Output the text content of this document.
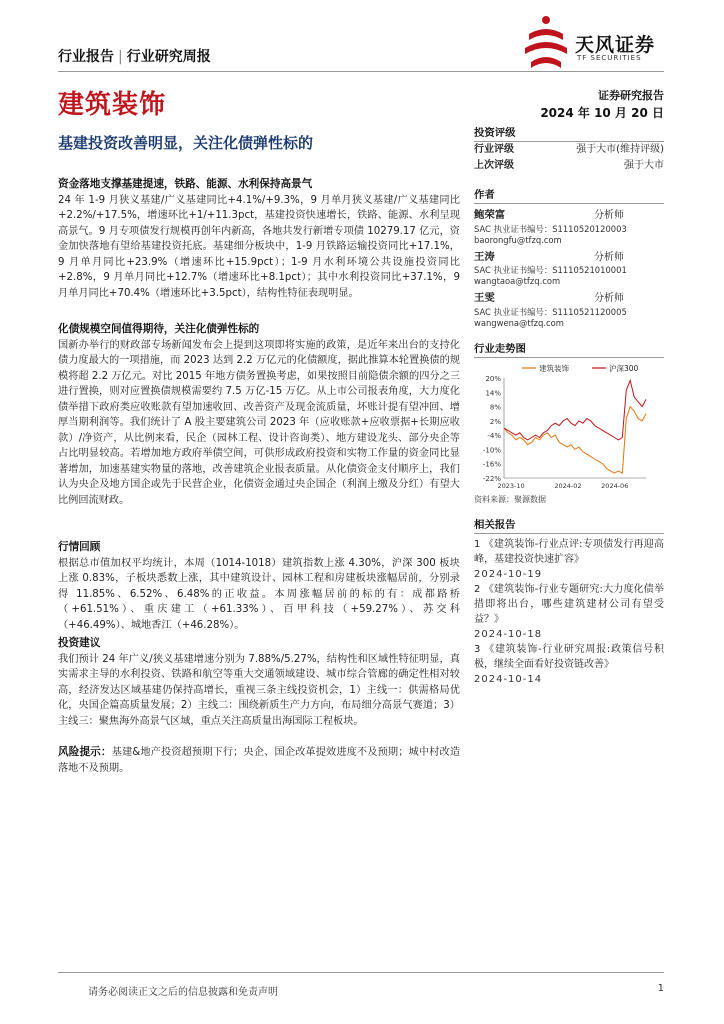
行业报告 | 行业研究周报
天风证券
TF SECURITIES
建筑装饰	证券研究报告
2024 年 10 月 20 日
基建投资改善明显，关注化债弹性标的
资金落地支撑基建提速，铁路、能源、水利保持高景气
24 年 1-9 月狭义基建/广义基建同比+4.1%/+9.3%，9 月单月狭义基建/广义基建同比+2.2%/+17.5%，增速环比+1/+11.3pct，基建投资快速增长，铁路、能源、水利呈现高景气。9 月专项债发行规模再创年内新高，各地共发行新增专项债 10279.17 亿元，资金加快落地有望给基建投资托底。基建细分板块中，1-9 月铁路运输投资同比+17.1%，9 月单月同比+23.9%（增速环比+15.9pct）；1-9 月水利环境公共设施投资同比+2.8%，9 月单月同比+12.7%（增速环比+8.1pct）；其中水利投资同比+37.1%，9 月单月同比+70.4%（增速环比+3.5pct），结构性特征表现明显。
化债规模空间值得期待，关注化债弹性标的
国新办举行的财政部专场新闻发布会上提到这项即将实施的政策，是近年来出台的支持化债力度最大的一项措施，而 2023 达到 2.2 万亿元的化债额度，据此推算本轮置换债的规模将超 2.2 万亿元。对比 2015 年地方债务置换考虑，如果按照目前隐债余额的四分之三进行置换，则对应置换债规模需要约 7.5 万亿-15 万亿。从上市公司报表角度，大力度化债举措下政府类应收账款有望加速收回、改善资产及现金流质量，坏账计提有望冲回、增厚当期利润等。我们统计了 A 股主要建筑公司 2023 年（应收账款+应收票据+长期应收款）/净资产，从比例来看，民企（园林工程、设计咨询类）、地方建设龙头、部分央企等占比明显较高。若增加地方政府举债空间，可供形成政府投资和实物工作量的资金同比显著增加，加速基建实物量的落地，改善建筑企业报表质量。从化债资金支付顺序上，我们认为央企及地方国企或先于民营企业，化债资金通过央企国企（利润上缴及分红）有望大比例回流财政。
行情回顾
根据总市值加权平均统计，本周（1014-1018）建筑指数上涨 4.30%，沪深 300 板块上涨 0.83%，子板块悉数上涨，其中建筑设计、园林工程和房建板块涨幅居前，分别录得 11.85%、6.52%、6.48%的正收益。本周涨幅居前的标的有：成都路桥（+61.51%）、重庆建工（+61.33%）、百甲科技（+59.27%）、苏交科（+46.49%）、城地香江（+46.28%）。
投资建议
我们预计 24 年广义/狭义基建增速分别为 7.88%/5.27%，结构性和区域性特征明显，真实需求主导的水利投资、铁路和航空等重大交通领域建设、城市综合管廊的确定性相对较高，经济发达区域基建仍保持高增长，重视三条主线投资机会，1）主线一：供需格局优化，央国企篇高质量发展；2）主线二：围绕新质生产力方向，布局细分高景气赛道；3）主线三：聚焦海外高景气区域，重点关注高质量出海国际工程板块。
风险提示：基建&地产投资超预期下行；央企、国企改革提效进度不及预期；城中村改造落地不及预期。
投资评级
行业评级	强于大市(维持评级)
上次评级	强于大市
作者
鲍荣富	分析师
SAC 执业证书编号：S1110520120003
baorongfu@tfzq.com
王涛	分析师
SAC 执业证书编号：S1110521010001
wangtaoa@tfzq.com
王雯	分析师
SAC 执业证书编号：S1110521120005
wangwena@tfzq.com
行业走势图
20%
14%
8%
2%
-4%
-10%
-16%
-22%
2023-10	2024-02	2024-06
建筑装饰	沪深300
资料来源：聚源数据
相关报告
1 《建筑装饰-行业点评:专项债发行再迎高峰，基建投资快速扩容》
2024-10-19
2 《建筑装饰-行业专题研究:大力度化债举措即将出台，哪些建筑建材公司有望受益？》
2024-10-18
3 《建筑装饰-行业研究周报:政策信号积极，继续全面看好投资链改善》
2024-10-14
请务必阅读正文之后的信息披露和免责声明	1
